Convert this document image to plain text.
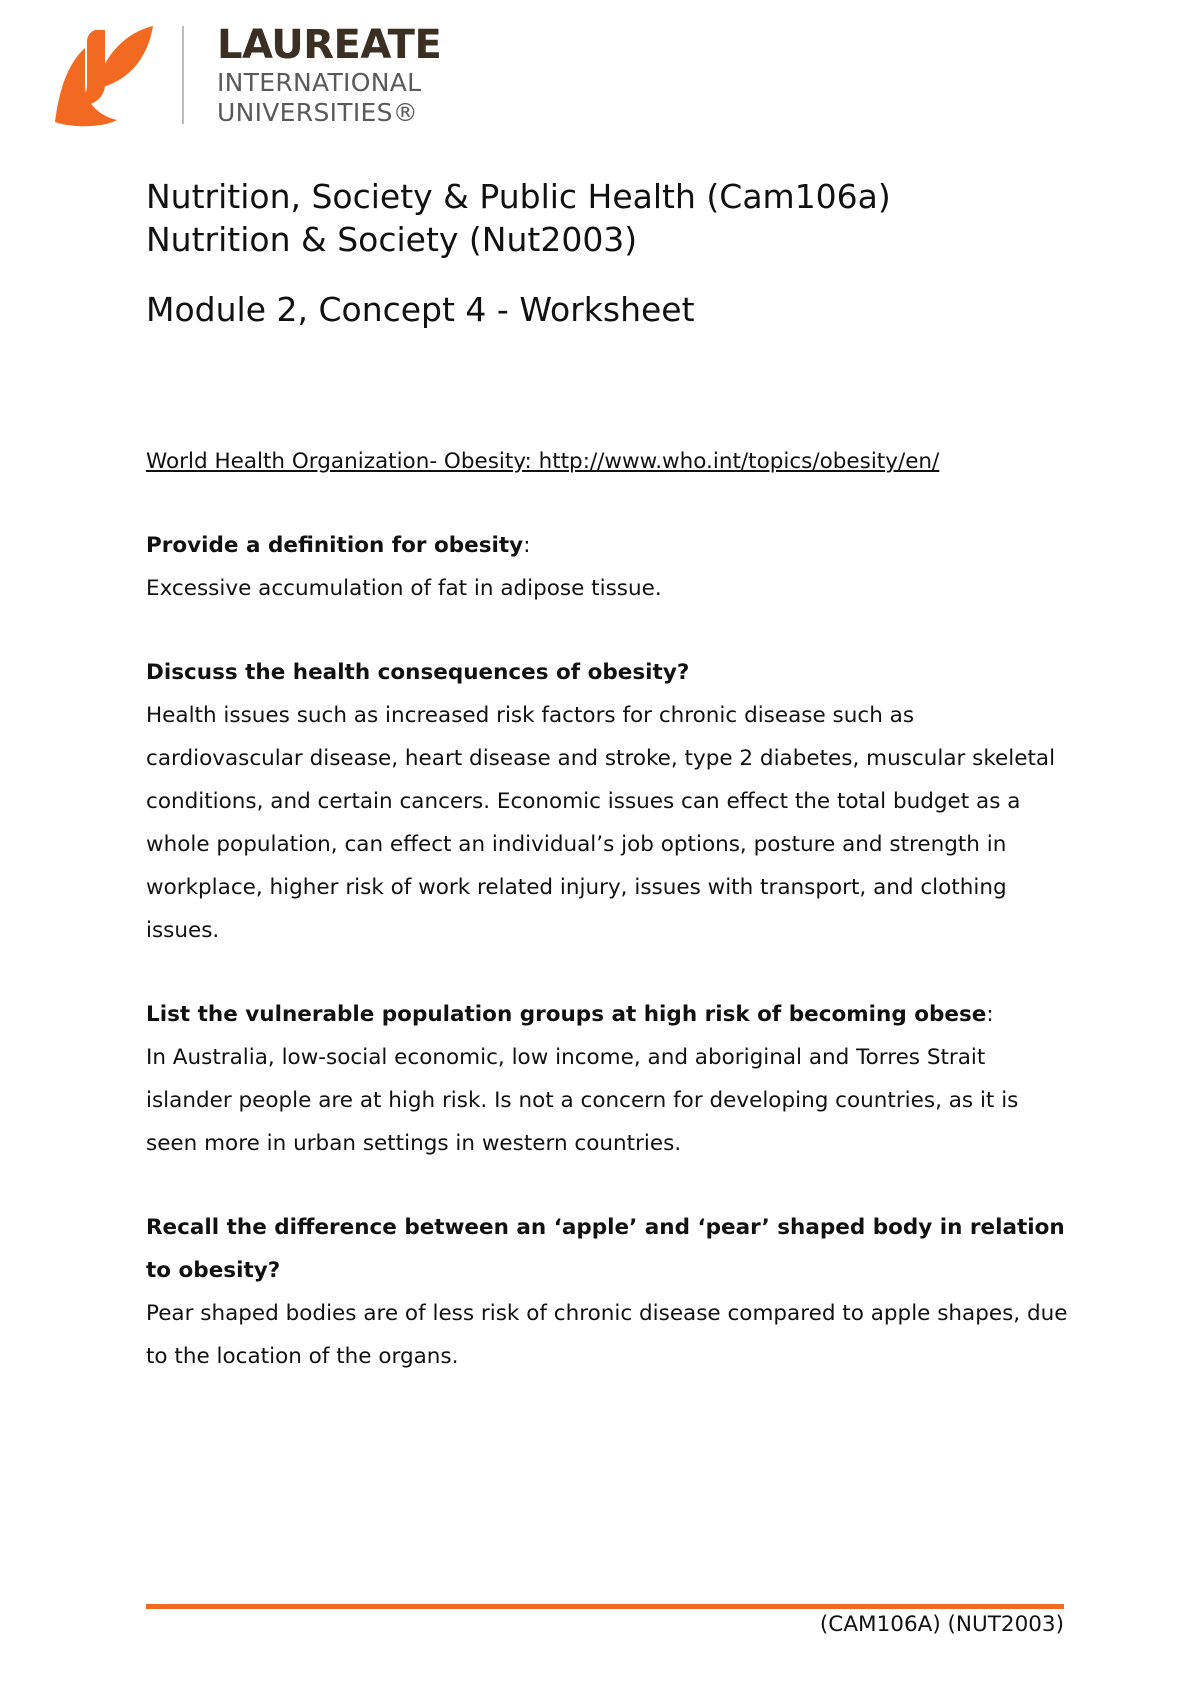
LAUREATE
INTERNATIONAL
UNIVERSITIES®
Nutrition, Society & Public Health (Cam106a)
Nutrition & Society (Nut2003)
Module 2, Concept 4 - Worksheet

World Health Organization- Obesity: http://www.who.int/topics/obesity/en/

Provide a definition for obesity:

Excessive accumulation of fat in adipose tissue.

Discuss the health consequences of obesity?

Health issues such as increased risk factors for chronic disease such as cardiovascular disease, heart disease and stroke, type 2 diabetes, muscular skeletal conditions, and certain cancers. Economic issues can effect the total budget as a whole population, can effect an individual’s job options, posture and strength in workplace, higher risk of work related injury, issues with transport, and clothing issues.

List the vulnerable population groups at high risk of becoming obese:

In Australia, low-social economic, low income, and aboriginal and Torres Strait islander people are at high risk. Is not a concern for developing countries, as it is seen more in urban settings in western countries.

Recall the difference between an ‘apple’ and ‘pear’ shaped body in relation to obesity?

Pear shaped bodies are of less risk of chronic disease compared to apple shapes, due to the location of the organs.

(CAM106A) (NUT2003)
